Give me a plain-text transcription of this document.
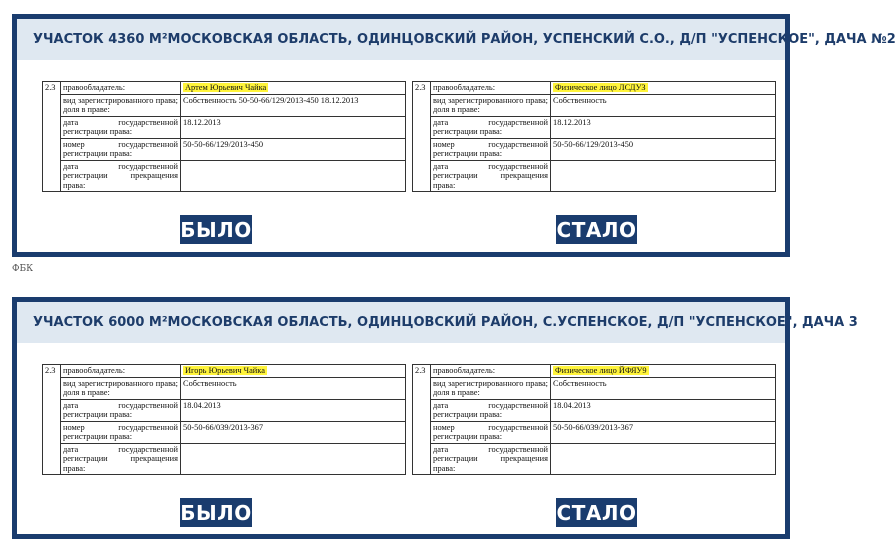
УЧАСТОК 4360 М² МОСКОВСКАЯ ОБЛАСТЬ, ОДИНЦОВСКИЙ РАЙОН, УСПЕНСКИЙ С.О., Д/П "УСПЕНСКОЕ", ДАЧА №2
2.3	правообладатель:	Артем Юрьевич Чайка
	вид зарегистрированного права; доля в праве:	Собственность 50-50-66/129/2013-450 18.12.2013
	дата государственной регистрации права:	18.12.2013
	номер государственной регистрации права:	50-50-66/129/2013-450
	дата государственной регистрации прекращения права:	
2.3	правообладатель:	Физическое лицо ЛСДУЗ
	вид зарегистрированного права; доля в праве:	Собственность
	дата государственной регистрации права:	18.12.2013
	номер государственной регистрации права:	50-50-66/129/2013-450
	дата государственной регистрации прекращения права:	
БЫЛО	СТАЛО
ФБК
УЧАСТОК 6000 М² МОСКОВСКАЯ ОБЛАСТЬ, ОДИНЦОВСКИЙ РАЙОН, С.УСПЕНСКОЕ, Д/П "УСПЕНСКОЕ", ДАЧА 3
2.3	правообладатель:	Игорь Юрьевич Чайка
	вид зарегистрированного права; доля в праве:	Собственность
	дата государственной регистрации права:	18.04.2013
	номер государственной регистрации права:	50-50-66/039/2013-367
	дата государственной регистрации прекращения права:	
2.3	правообладатель:	Физическое лицо ЙФЯУ9
	вид зарегистрированного права; доля в праве:	Собственность
	дата государственной регистрации права:	18.04.2013
	номер государственной регистрации права:	50-50-66/039/2013-367
	дата государственной регистрации прекращения права:	
БЫЛО	СТАЛО
